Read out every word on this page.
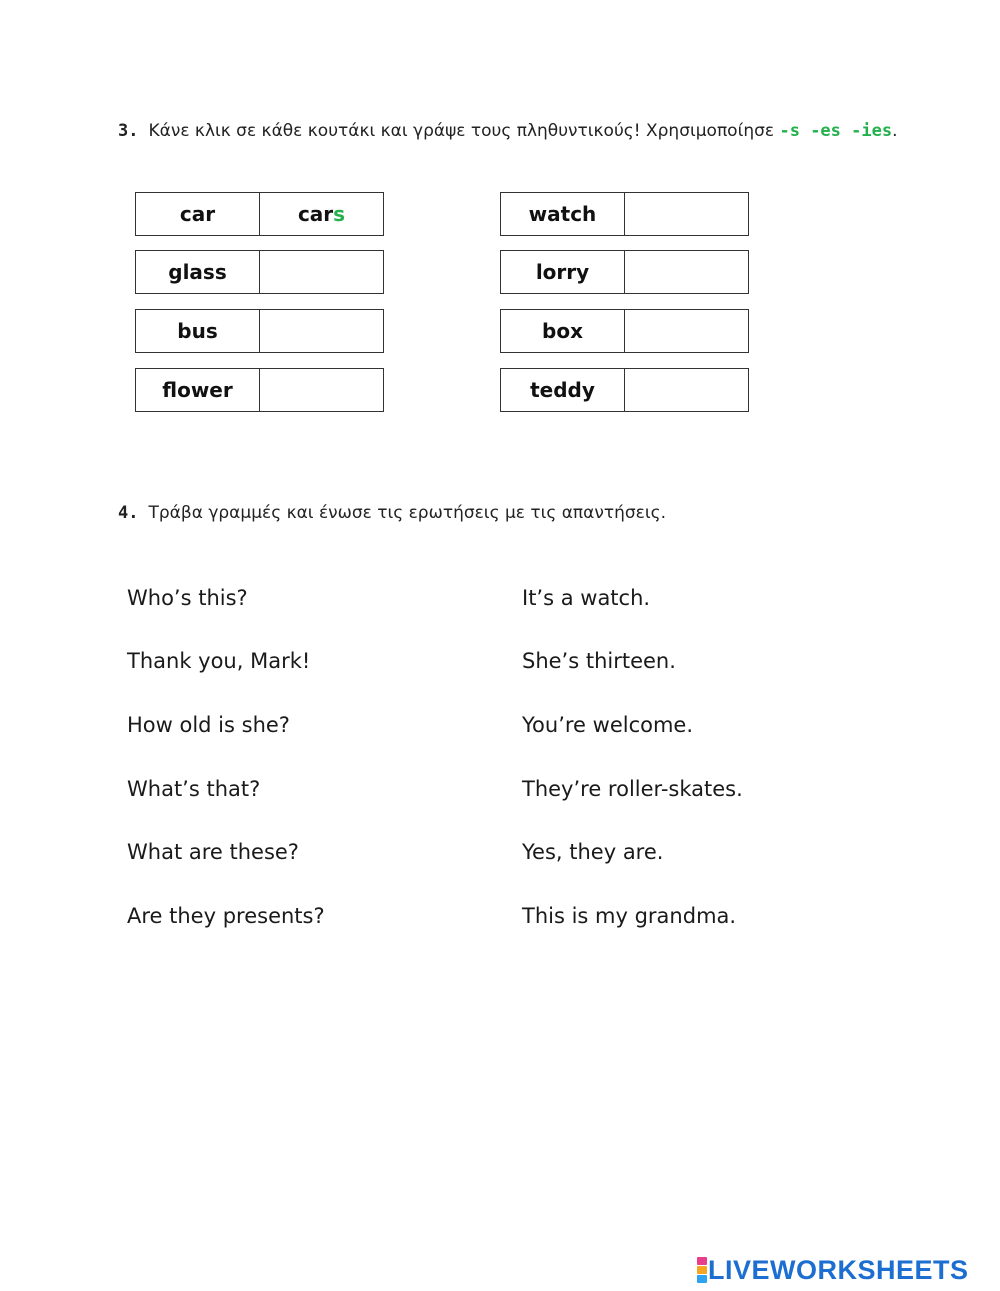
3. Κάνε κλικ σε κάθε κουτάκι και γράψε τους πληθυντικούς! Χρησιμοποίησε -s -es -ies.
car	car s
glass
bus
flower
watch
lorry
box
teddy
4. Τράβα γραμμές και ένωσε τις ερωτήσεις με τις απαντήσεις.
Who’s this?
Thank you, Mark!
How old is she?
What’s that?
What are these?
Are they presents?
It’s a watch.
She’s thirteen.
You’re welcome.
They’re roller-skates.
Yes, they are.
This is my grandma.
LIVEWORKSHEETS
